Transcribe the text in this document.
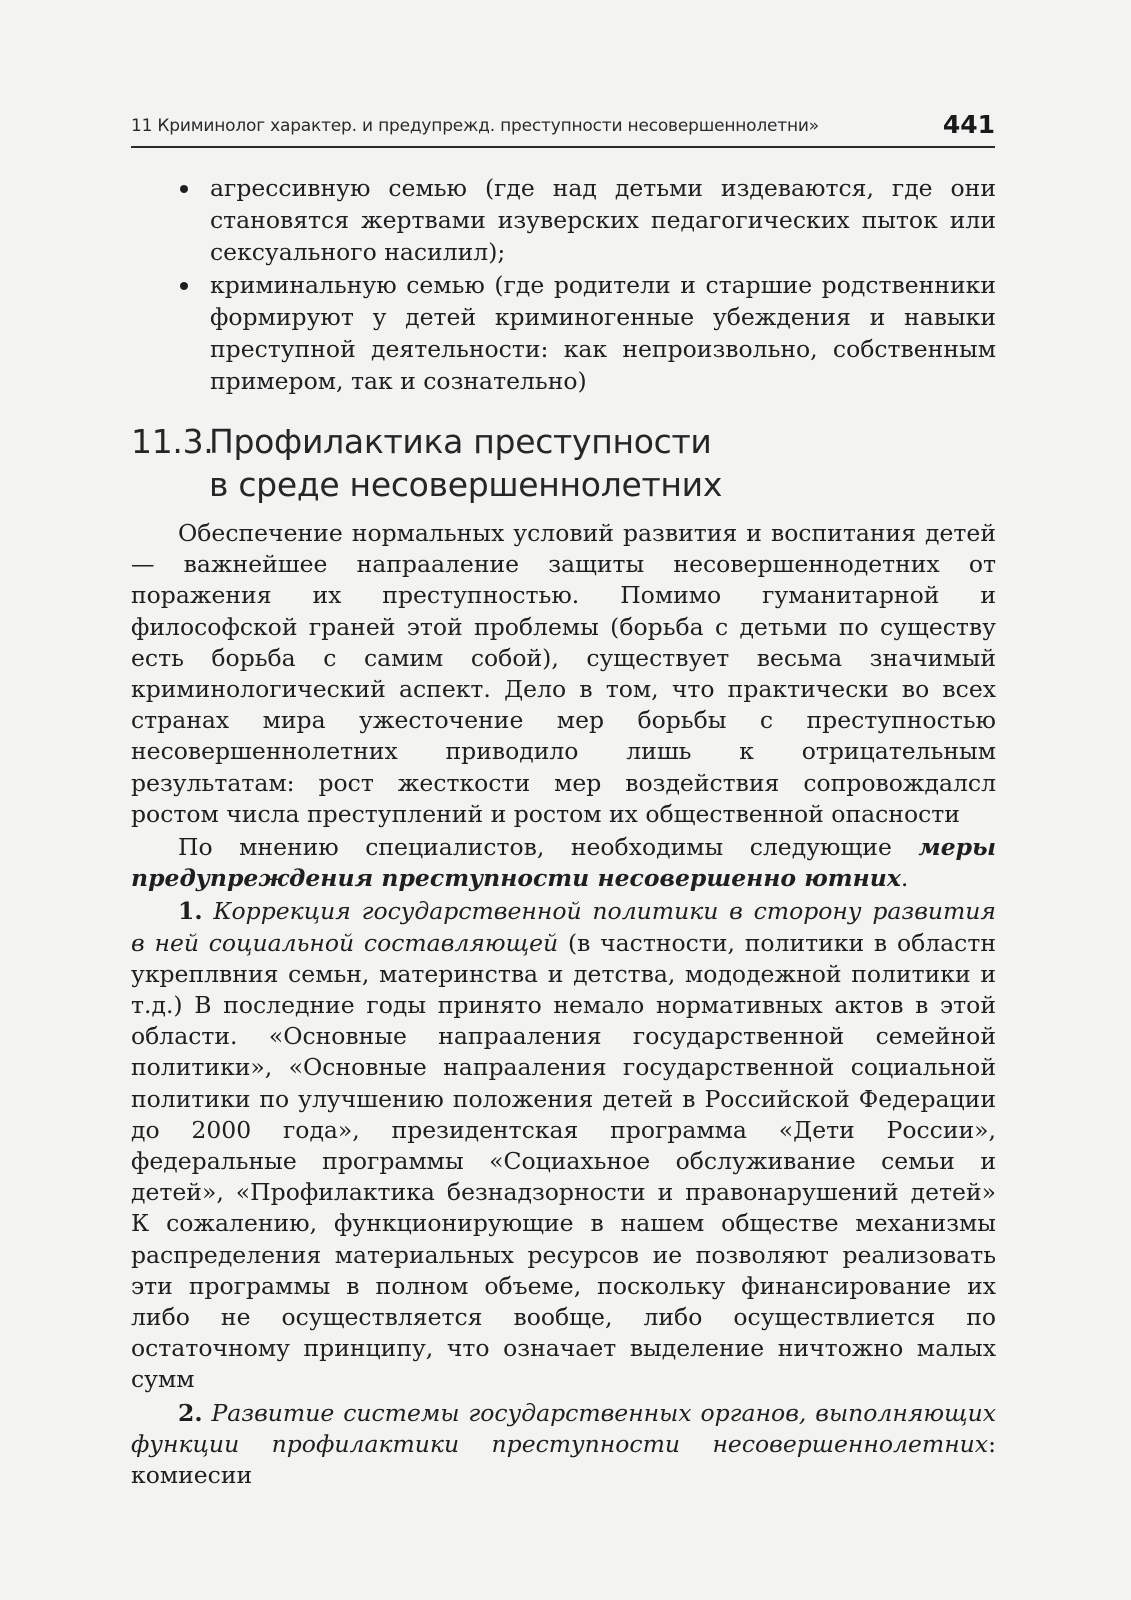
11 Криминолог характер. и предупрежд. преступности несовершеннолетни»	441
агрессивную семью (где над детьми издеваются, где они становятся жертвами изуверских педагогических пыток или сексуального насилил);
криминальную семью (где родители и старшие родственники формируют у детей криминогенные убеждения и навыки преступной деятельности: как непроизвольно, собственным примером, так и сознательно)
11.3.Профилактика преступности
в среде несовершеннолетних

Обеспечение нормальных условий развития и воспитания детей — важнейшее напрааление защиты несовершеннодетних от поражения их преступностью. Помимо гуманитарной и философской граней этой проблемы (борьба с детьми по существу есть борьба с самим собой), существует весьма значимый криминологический аспект. Дело в том, что практически во всех странах мира ужесточение мер борьбы с преступностью несовершеннолетних приводило лишь к отрицательным результатам: рост жесткости мер воздействия сопровождалсл ростом числа преступлений и ростом их общественной опасности

По мнению специалистов, необходимы следующие меры предупреждения преступности несовершенно ютних.

1. Коррекция государственной политики в сторону развития в ней социальной составляющей (в частности, политики в областн укреплвния семьн, материнства и детства, мододежной политики и т.д.) В последние годы принято немало нормативных актов в этой области. «Основные напрааления государственной семейной политики», «Основные напрааления государственной социальной политики по улучшению положения детей в Российской Федерации до 2000 года», президентская программа «Дети России», федеральные программы «Социахьное обслуживание семьи и детей», «Профилактика безнадзорности и правонарушений детей» К сожалению, функционирующие в нашем обществе механизмы распределения материальных ресурсов ие позволяют реализовать эти программы в полном объеме, поскольку финансирование их либо не осуществляется вообще, либо осуществлиется по остаточному принципу, что означает выделение ничтожно малых сумм

2. Развитие системы государственных органов, выполняющих функции профилактики преступности несовершеннолетних: комиесии
